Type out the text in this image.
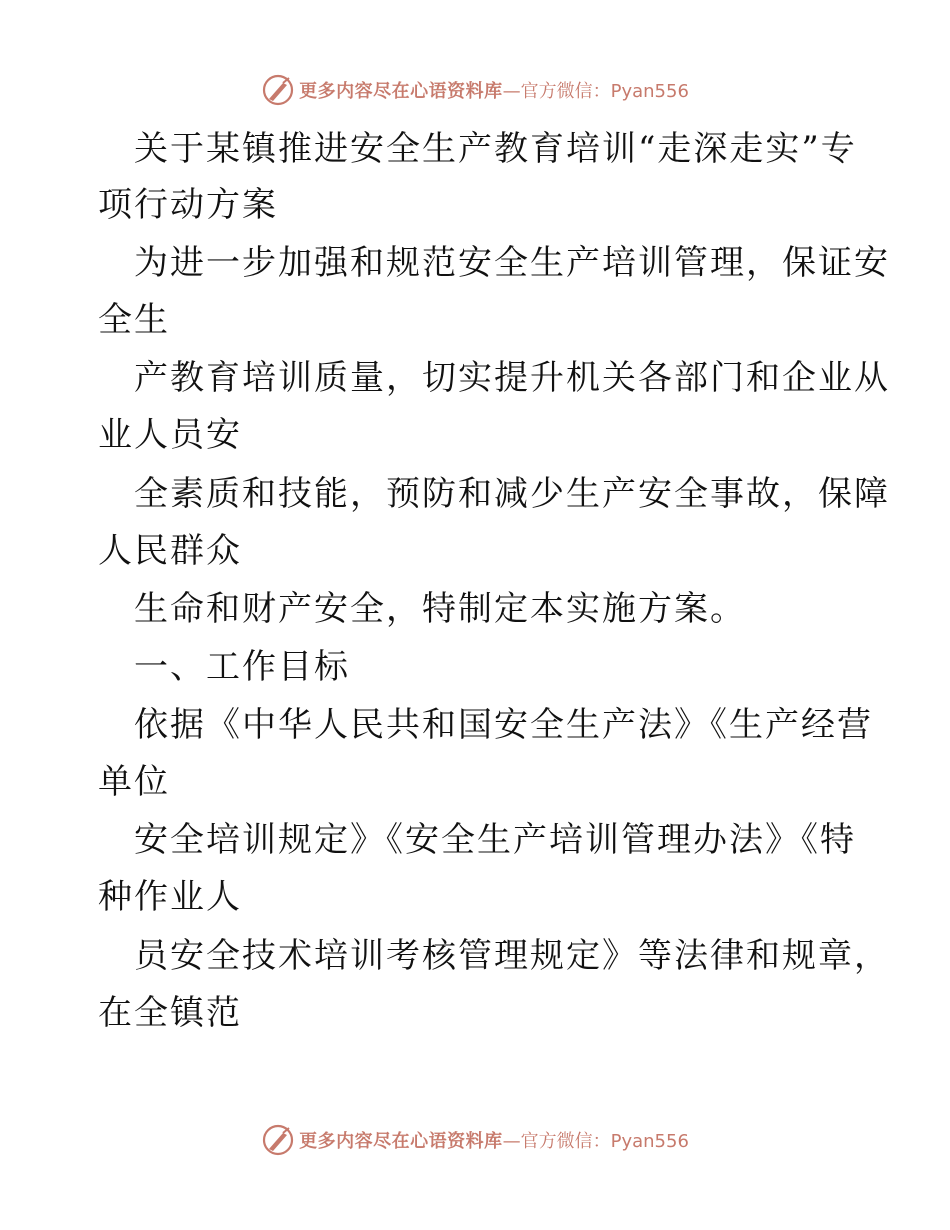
更多内容尽在心语资料库 —官方微信：Pyan556
关于某镇推进安全生产教育培训“走深走实”专
项行动方案
为进一步加强和规范安全生产培训管理，保证安
全生
产教育培训质量，切实提升机关各部门和企业从
业人员安
全素质和技能，预防和减少生产安全事故，保障
人民群众
生命和财产安全，特制定本实施方案。
一、工作目标
依据《中华人民共和国安全生产法》《生产经营
单位
安全培训规定》《安全生产培训管理办法》《特
种作业人
员安全技术培训考核管理规定》等法律和规章，
在全镇范
更多内容尽在心语资料库 —官方微信：Pyan556
